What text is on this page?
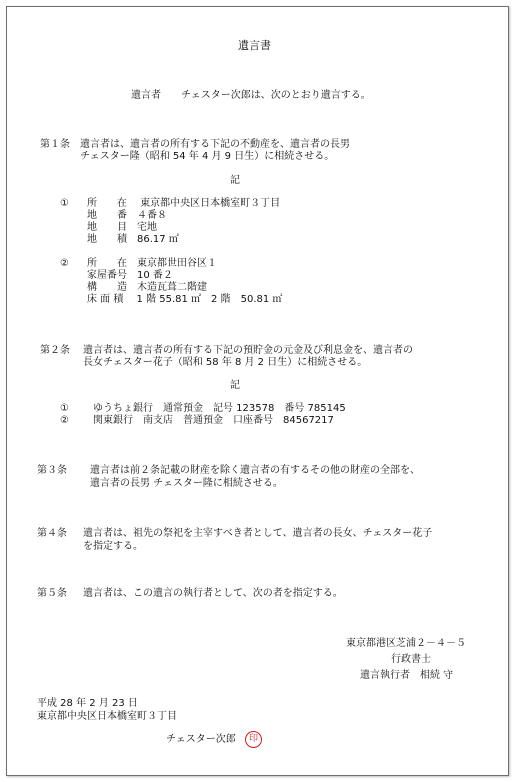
遺言書
遺言者　　チェスター次郎は、次のとおり遺言する。
第１条 遺言者は、遺言者の所有する下記の不動産を、遺言者の長男
チェスター隆（昭和 54 年 4 月 9 日生）に相続させる。
記
① 所　　在　 東京都中央区日本橋室町３丁目
地　　番　４番８
地　　目　宅地
地　　積　86.17 ㎡
② 所　　在　東京都世田谷区１
家屋番号　10 番２
構　　造　木造瓦葺二階建
床 面 積　 1 階 55.81 ㎡　2 階　50.81 ㎡
第２条 遺言者は、遺言者の所有する下記の預貯金の元金及び利息金を、遺言者の
長女チェスター花子（昭和 58 年 8 月 2 日生）に相続させる。
記
① ゆうちょ銀行　通常預金　記号 123578　番号 785145
② 関東銀行　南支店　普通預金　口座番号　84567217
第３条 遺言者は前２条記載の財産を除く遺言者の有するその他の財産の全部を、
遺言者の長男 チェスター隆に相続させる。
第４条 遺言者は、祖先の祭祀を主宰すべき者として、遺言者の長女、チェスター花子
を指定する。
第５条 遺言者は、この遺言の執行者として、次の者を指定する。
東京都港区芝浦２－４－５
行政書士
遺言執行者　相続 守
平成 28 年 2 月 23 日
東京都中央区日本橋室町３丁目
チェスター次郎	印
